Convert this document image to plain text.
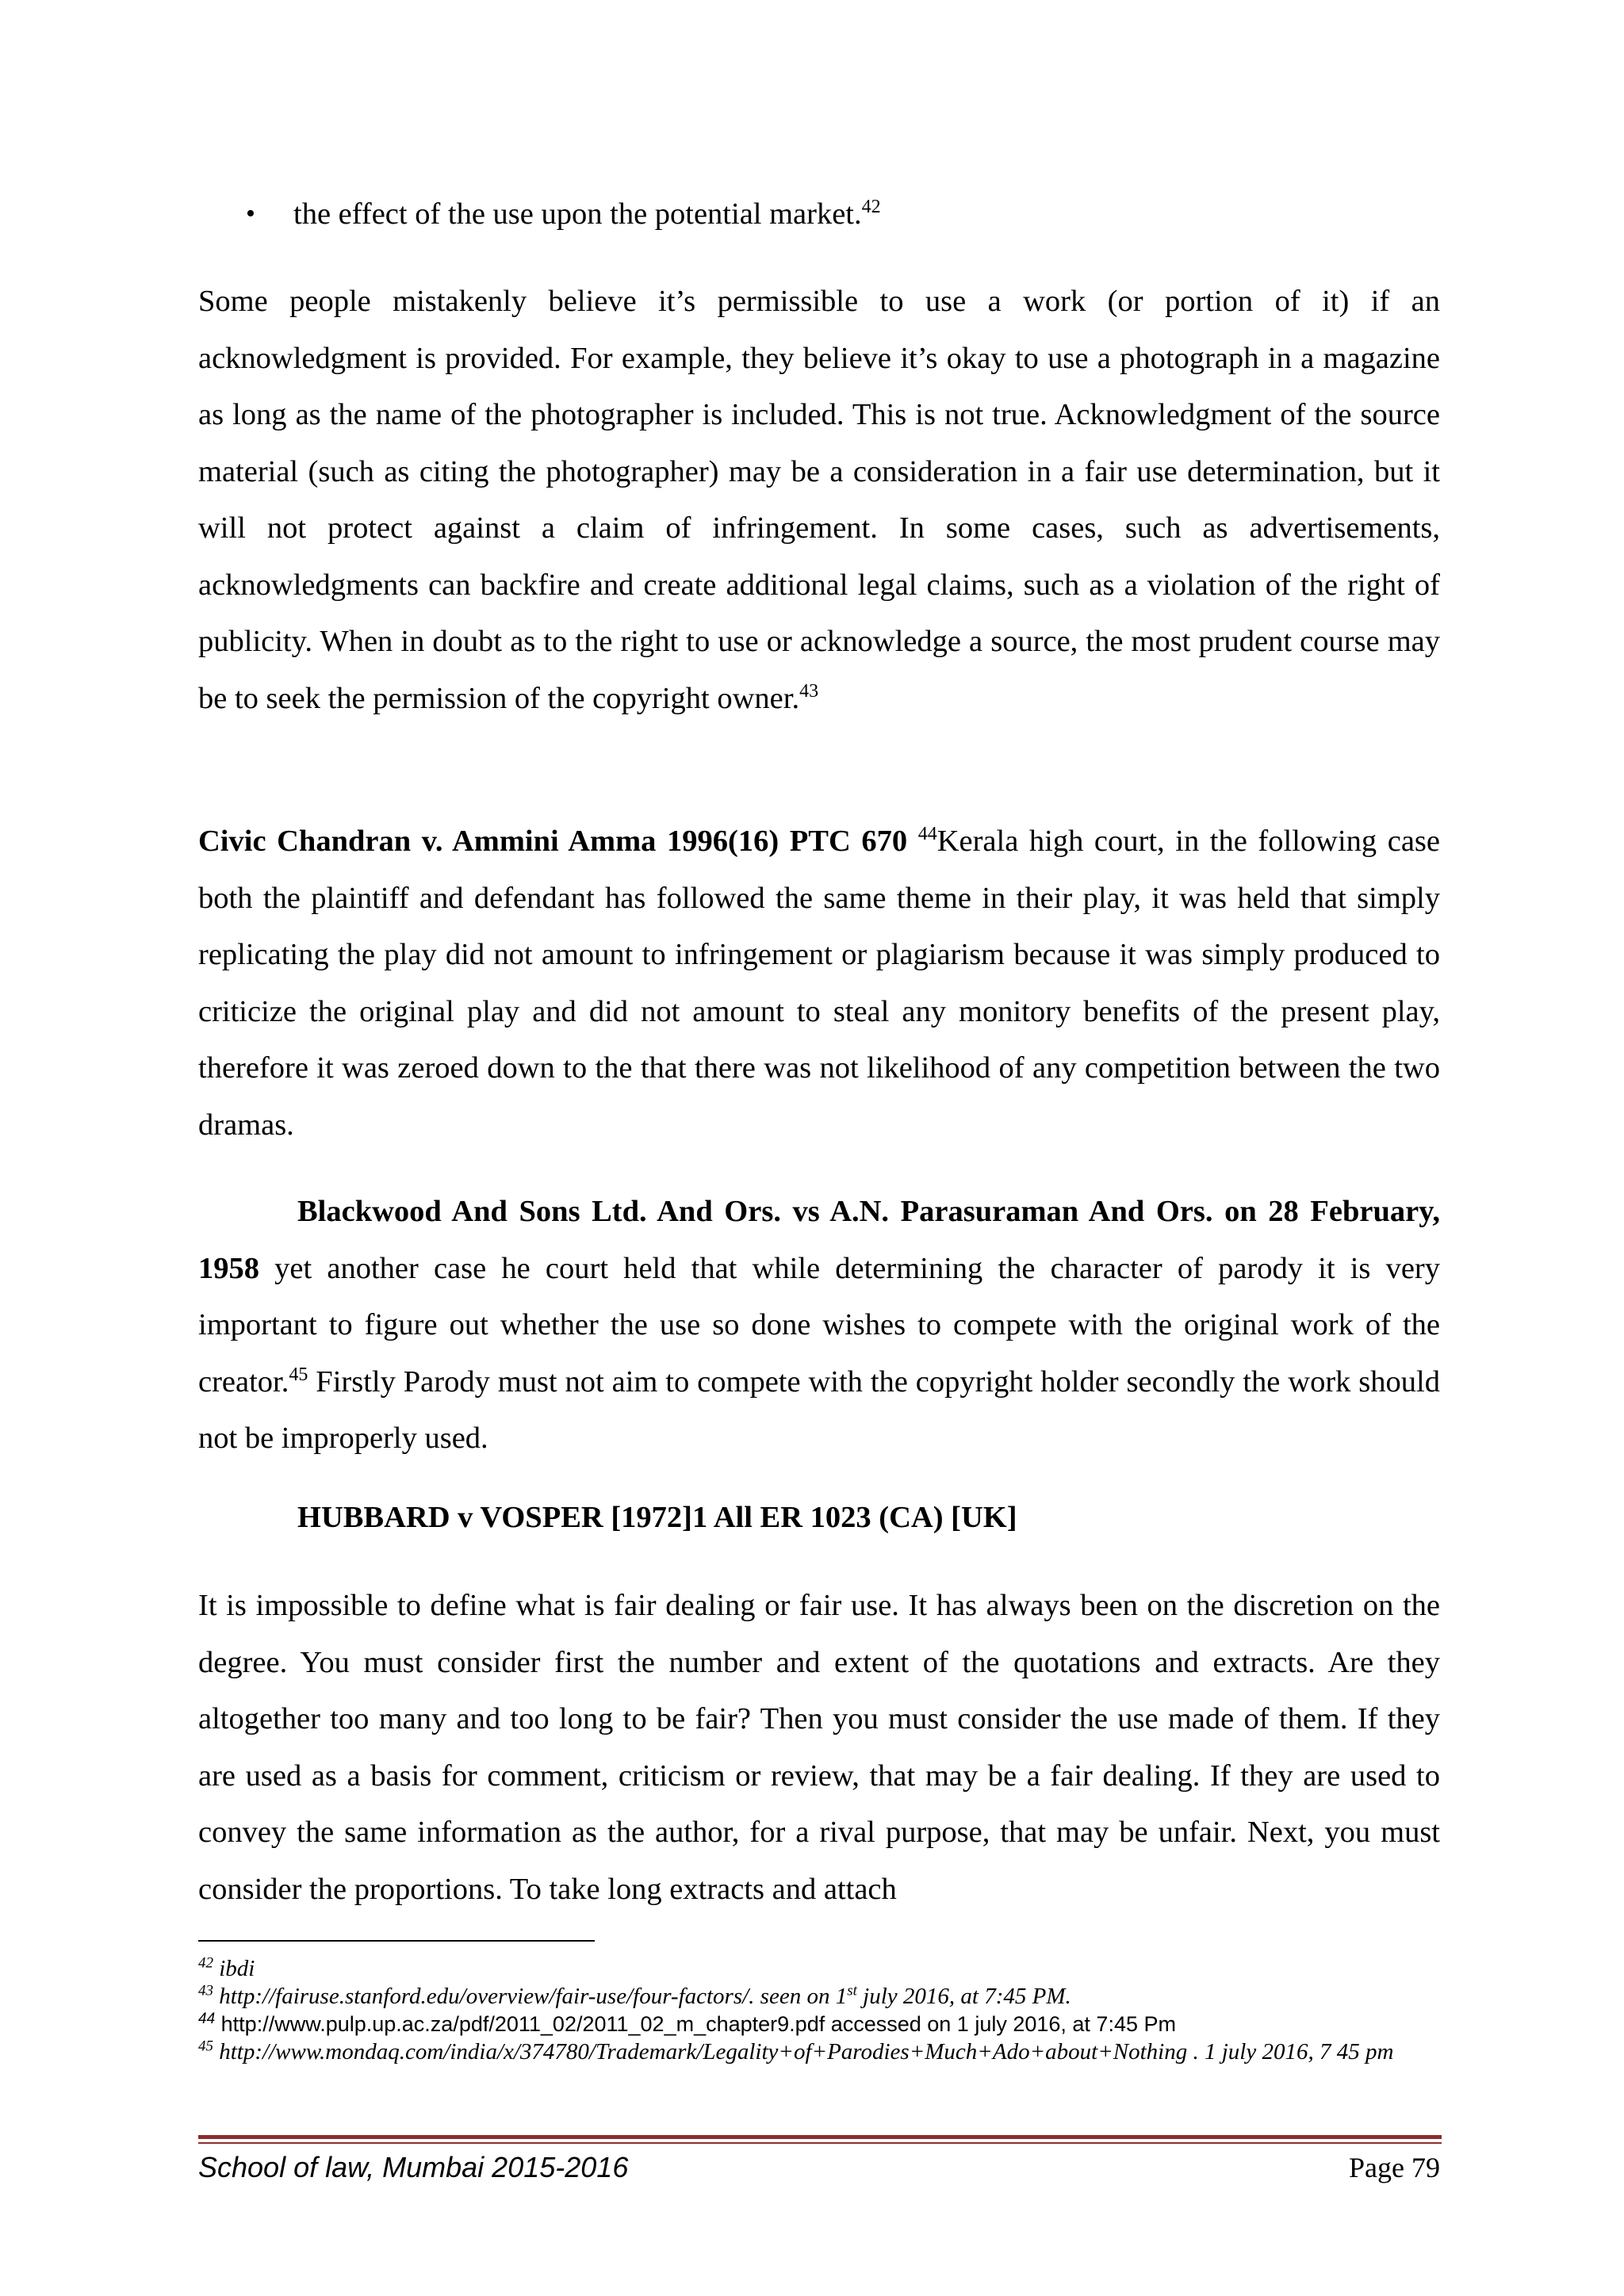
• the effect of the use upon the potential market.$^{42}$

Some people mistakenly believe it’s permissible to use a work (or portion of it) if an acknowledgment is provided. For example, they believe it’s okay to use a photograph in a magazine as long as the name of the photographer is included. This is not true. Acknowledgment of the source material (such as citing the photographer) may be a consideration in a fair use determination, but it will not protect against a claim of infringement. In some cases, such as advertisements, acknowledgments can backfire and create additional legal claims, such as a violation of the right of publicity. When in doubt as to the right to use or acknowledge a source, the most prudent course may be to seek the permission of the copyright owner.$^{43}$

Civic Chandran v. Ammini Amma 1996(16) PTC 670 $^{44}$Kerala high court, in the following case both the plaintiff and defendant has followed the same theme in their play, it was held that simply replicating the play did not amount to infringement or plagiarism because it was simply produced to criticize the original play and did not amount to steal any monitory benefits of the present play, therefore it was zeroed down to the that there was not likelihood of any competition between the two dramas.

Blackwood And Sons Ltd. And Ors. vs A.N. Parasuraman And Ors. on 28 February, 1958 yet another case he court held that while determining the character of parody it is very important to figure out whether the use so done wishes to compete with the original work of the creator.$^{45}$ Firstly Parody must not aim to compete with the copyright holder secondly the work should not be improperly used.

HUBBARD v VOSPER [1972]1 All ER 1023 (CA) [UK]

It is impossible to define what is fair dealing or fair use. It has always been on the discretion on the degree. You must consider first the number and extent of the quotations and extracts. Are they altogether too many and too long to be fair? Then you must consider the use made of them. If they are used as a basis for comment, criticism or review, that may be a fair dealing. If they are used to convey the same information as the author, for a rival purpose, that may be unfair. Next, you must consider the proportions. To take long extracts and attach

$^{42}$ ibdi

$^{43}$ http://fairuse.stanford.edu/overview/fair-use/four-factors/. seen on 1st july 2016, at 7:45 PM.

$^{44}$ http://www.pulp.up.ac.za/pdf/2011_02/2011_02_m_chapter9.pdf accessed on 1 july 2016, at 7:45 Pm

$^{45}$ http://www.mondaq.com/india/x/374780/Trademark/Legality+of+Parodies+Much+Ado+about+Nothing . 1 july 2016, 7 45 pm

School of law, Mumbai 2015-2016	Page 79
